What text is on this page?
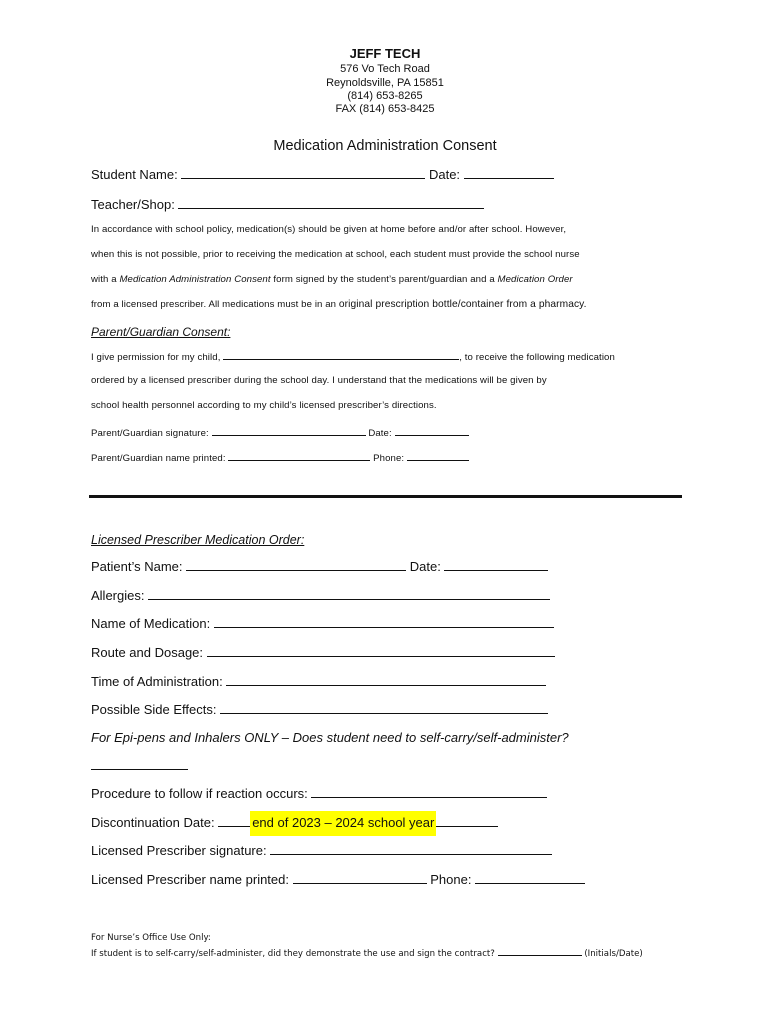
JEFF TECH
576 Vo Tech Road
Reynoldsville, PA 15851
(814) 653-8265
FAX (814) 653-8425
Medication Administration Consent
Student Name:	Date:
Teacher/Shop:
In accordance with school policy, medication(s) should be given at home before and/or after school. However,
when this is not possible, prior to receiving the medication at school, each student must provide the school nurse
with a Medication Administration Consent form signed by the student’s parent/guardian and a Medication Order
from a licensed prescriber. All medications must be in an original prescription bottle/container from a pharmacy.
Parent/Guardian Consent:
I give permission for my child,	, to receive the following medication
ordered by a licensed prescriber during the school day. I understand that the medications will be given by
school health personnel according to my child’s licensed prescriber’s directions.
Parent/Guardian signature:	Date:
Parent/Guardian name printed:	Phone:
Licensed Prescriber Medication Order:
Patient’s Name:	Date:
Allergies:
Name of Medication:
Route and Dosage:
Time of Administration:
Possible Side Effects:
For Epi-pens and Inhalers ONLY – Does student need to self-carry/self-administer?
Procedure to follow if reaction occurs:
Discontinuation Date:	end of 2023 – 2024 school year
Licensed Prescriber signature:
Licensed Prescriber name printed:	Phone:
For Nurse’s Office Use Only:
If student is to self-carry/self-administer, did they demonstrate the use and sign the contract?	(Initials/Date)
